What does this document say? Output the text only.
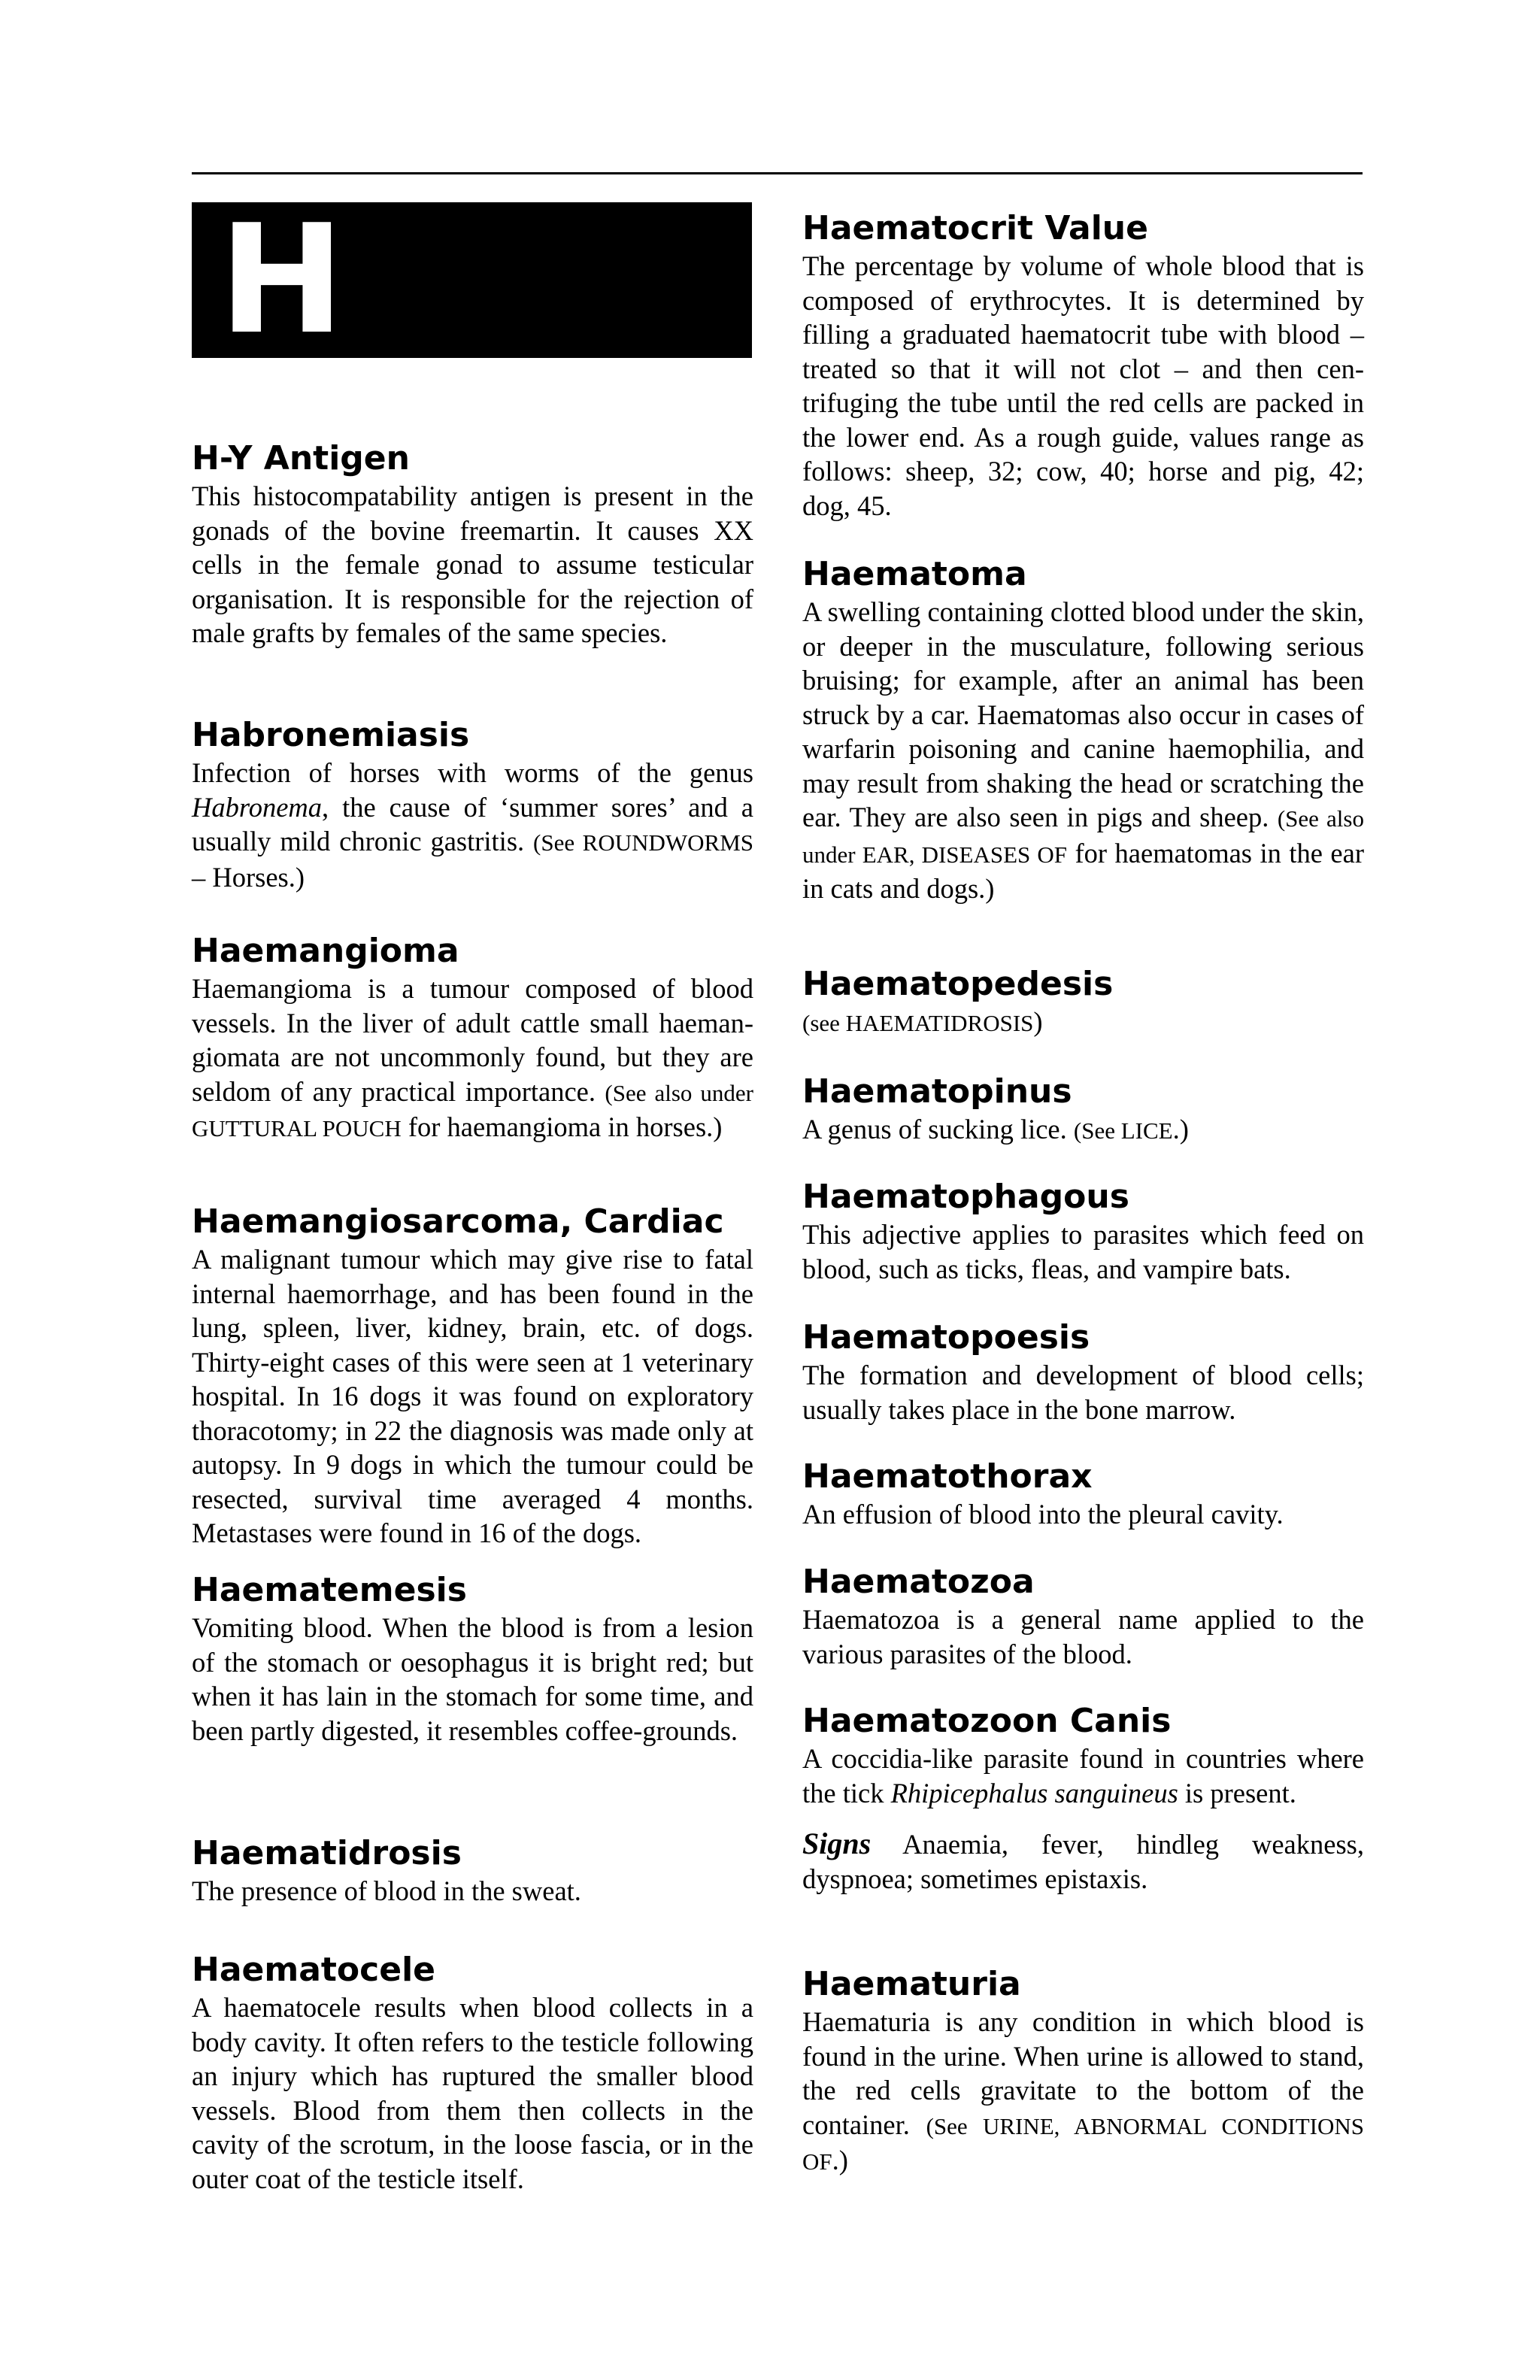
H
H-Y Antigen

This histocompatability antigen is present in the gonads of the bovine freemartin. It causes XX cells in the female gonad to assume testicular organisation. It is responsible for the rejection of male grafts by females of the same species.

Habronemiasis

Infection of horses with worms of the genus Habronema, the cause of ‘summer sores’ and a usually mild chronic gastritis. (See ROUNDWORMS – Horses.)

Haemangioma

Haemangioma is a tumour composed of blood vessels. In the liver of adult cattle small haemangiomata are not uncommonly found, but they are seldom of any practical importance. (See also under GUTTURAL POUCH for haemangioma in horses.)

Haemangiosarcoma, Cardiac

A malignant tumour which may give rise to fatal internal haemorrhage, and has been found in the lung, spleen, liver, kidney, brain, etc. of dogs. Thirty-eight cases of this were seen at 1 veterinary hospital. In 16 dogs it was found on exploratory thoracotomy; in 22 the diagnosis was made only at autopsy. In 9 dogs in which the tumour could be resected, survival time averaged 4 months. Metastases were found in 16 of the dogs.

Haematemesis

Vomiting blood. When the blood is from a lesion of the stomach or oesophagus it is bright red; but when it has lain in the stomach for some time, and been partly digested, it resembles coffee-grounds.

Haematidrosis

The presence of blood in the sweat.

Haematocele

A haematocele results when blood collects in a body cavity. It often refers to the testicle following an injury which has ruptured the smaller blood vessels. Blood from them then collects in the cavity of the scrotum, in the loose fascia, or in the outer coat of the testicle itself.

Haematocrit Value

The percentage by volume of whole blood that is composed of erythrocytes. It is determined by filling a graduated haematocrit tube with blood – treated so that it will not clot – and then centrifuging the tube until the red cells are packed in the lower end. As a rough guide, values range as follows: sheep, 32; cow, 40; horse and pig, 42; dog, 45.

Haematoma

A swelling containing clotted blood under the skin, or deeper in the musculature, following serious bruising; for example, after an animal has been struck by a car. Haematomas also occur in cases of warfarin poisoning and canine haemophilia, and may result from shaking the head or scratching the ear. They are also seen in pigs and sheep. (See also under EAR, DISEASES OF for haematomas in the ear in cats and dogs.)

Haematopedesis

(see HAEMATIDROSIS)

Haematopinus

A genus of sucking lice. (See LICE.)

Haematophagous

This adjective applies to parasites which feed on blood, such as ticks, fleas, and vampire bats.

Haematopoesis

The formation and development of blood cells; usually takes place in the bone marrow.

Haematothorax

An effusion of blood into the pleural cavity.

Haematozoa

Haematozoa is a general name applied to the various parasites of the blood.

Haematozoon Canis

A coccidia-like parasite found in countries where the tick Rhipicephalus sanguineus is present.

Signs Anaemia, fever, hindleg weakness, dyspnoea; sometimes epistaxis.

Haematuria

Haematuria is any condition in which blood is found in the urine. When urine is allowed to stand, the red cells gravitate to the bottom of the container. (See URINE, ABNORMAL CONDITIONS OF.)
